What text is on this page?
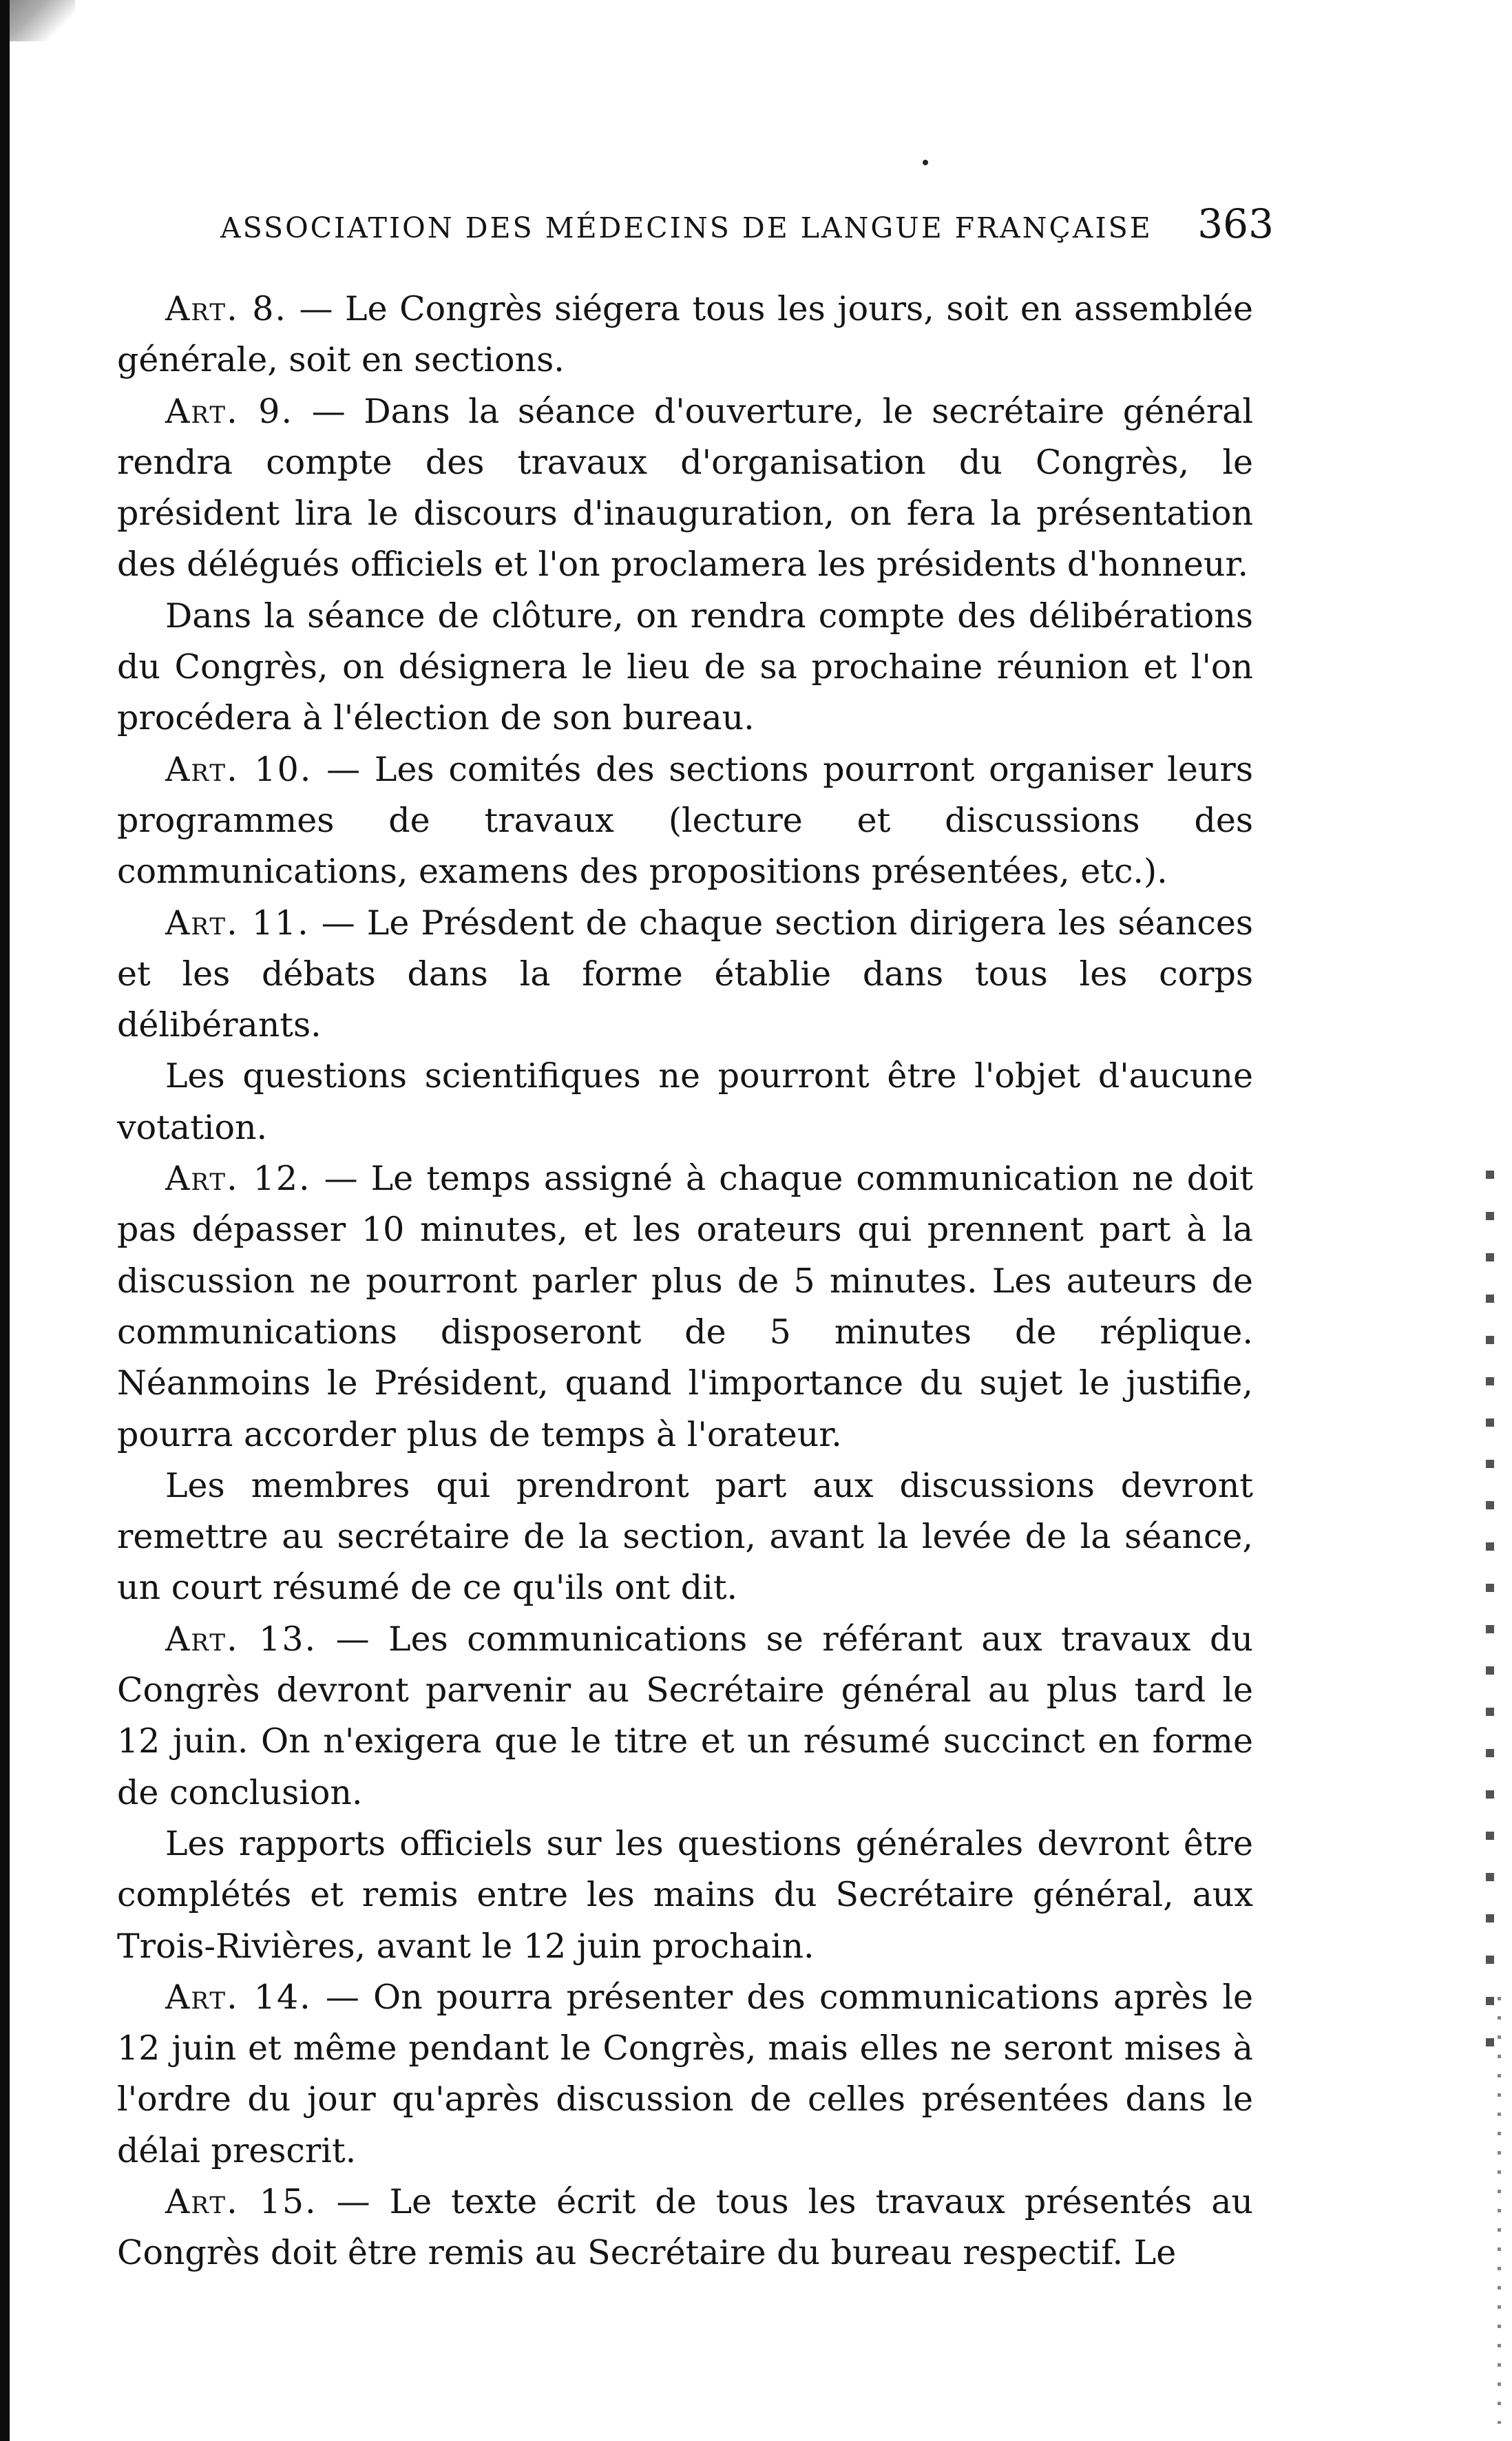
ASSOCIATION DES MÉDECINS DE LANGUE FRANÇAISE 363

Art. 8. — Le Congrès siégera tous les jours, soit en assemblée générale, soit en sections.

Art. 9. — Dans la séance d'ouverture, le secrétaire général rendra compte des travaux d'organisation du Congrès, le président lira le discours d'inauguration, on fera la présentation des délégués officiels et l'on proclamera les présidents d'honneur.

Dans la séance de clôture, on rendra compte des délibérations du Congrès, on désignera le lieu de sa prochaine réunion et l'on procédera à l'élection de son bureau.

Art. 10. — Les comités des sections pourront organiser leurs programmes de travaux (lecture et discussions des communications, examens des propositions présentées, etc.).

Art. 11. — Le Présdent de chaque section dirigera les séances et les débats dans la forme établie dans tous les corps délibérants.

Les questions scientifiques ne pourront être l'objet d'aucune votation.

Art. 12. — Le temps assigné à chaque communication ne doit pas dépasser 10 minutes, et les orateurs qui prennent part à la discussion ne pourront parler plus de 5 minutes. Les auteurs de communications disposeront de 5 minutes de réplique. Néanmoins le Président, quand l'importance du sujet le justifie, pourra accorder plus de temps à l'orateur.

Les membres qui prendront part aux discussions devront remettre au secrétaire de la section, avant la levée de la séance, un court résumé de ce qu'ils ont dit.

Art. 13. — Les communications se référant aux travaux du Congrès devront parvenir au Secrétaire général au plus tard le 12 juin. On n'exigera que le titre et un résumé succinct en forme de conclusion.

Les rapports officiels sur les questions générales devront être complétés et remis entre les mains du Secrétaire général, aux Trois-Rivières, avant le 12 juin prochain.

Art. 14. — On pourra présenter des communications après le 12 juin et même pendant le Congrès, mais elles ne seront mises à l'ordre du jour qu'après discussion de celles présentées dans le délai prescrit.

Art. 15. — Le texte écrit de tous les travaux présentés au Congrès doit être remis au Secrétaire du bureau respectif. Le
